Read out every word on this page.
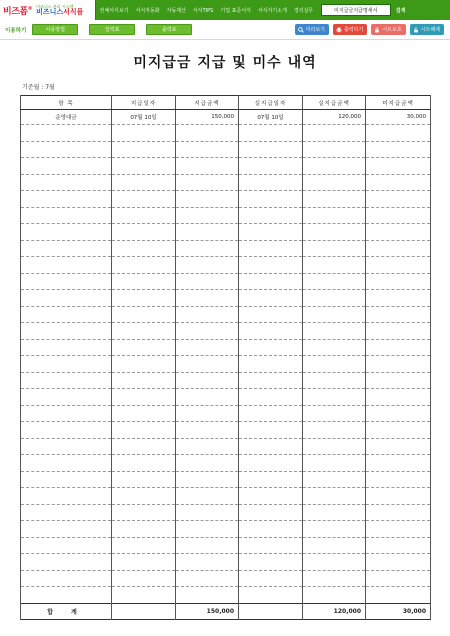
비즈폼® 비즈니스 관리 시스템
비즈니스서식몰	전체서식보기	서식자동화	자동계산	서식TIPS	기업 표준서식	서식자기소개	경리실무
미지급금지급명세서	검색
이용하기	사용방법	입력표	출력표	미리보기	출력하기	시트보호	시트해제
미지급금 지급 및 미수 내역
기준월 : 7월
항 목	지급일자	지급금액	실지급일자	실지급금액	미지급금액
운영대금	07월 10일	150,000	07월 10일	120,000	30,000

합 계		150,000		120,000	30,000
